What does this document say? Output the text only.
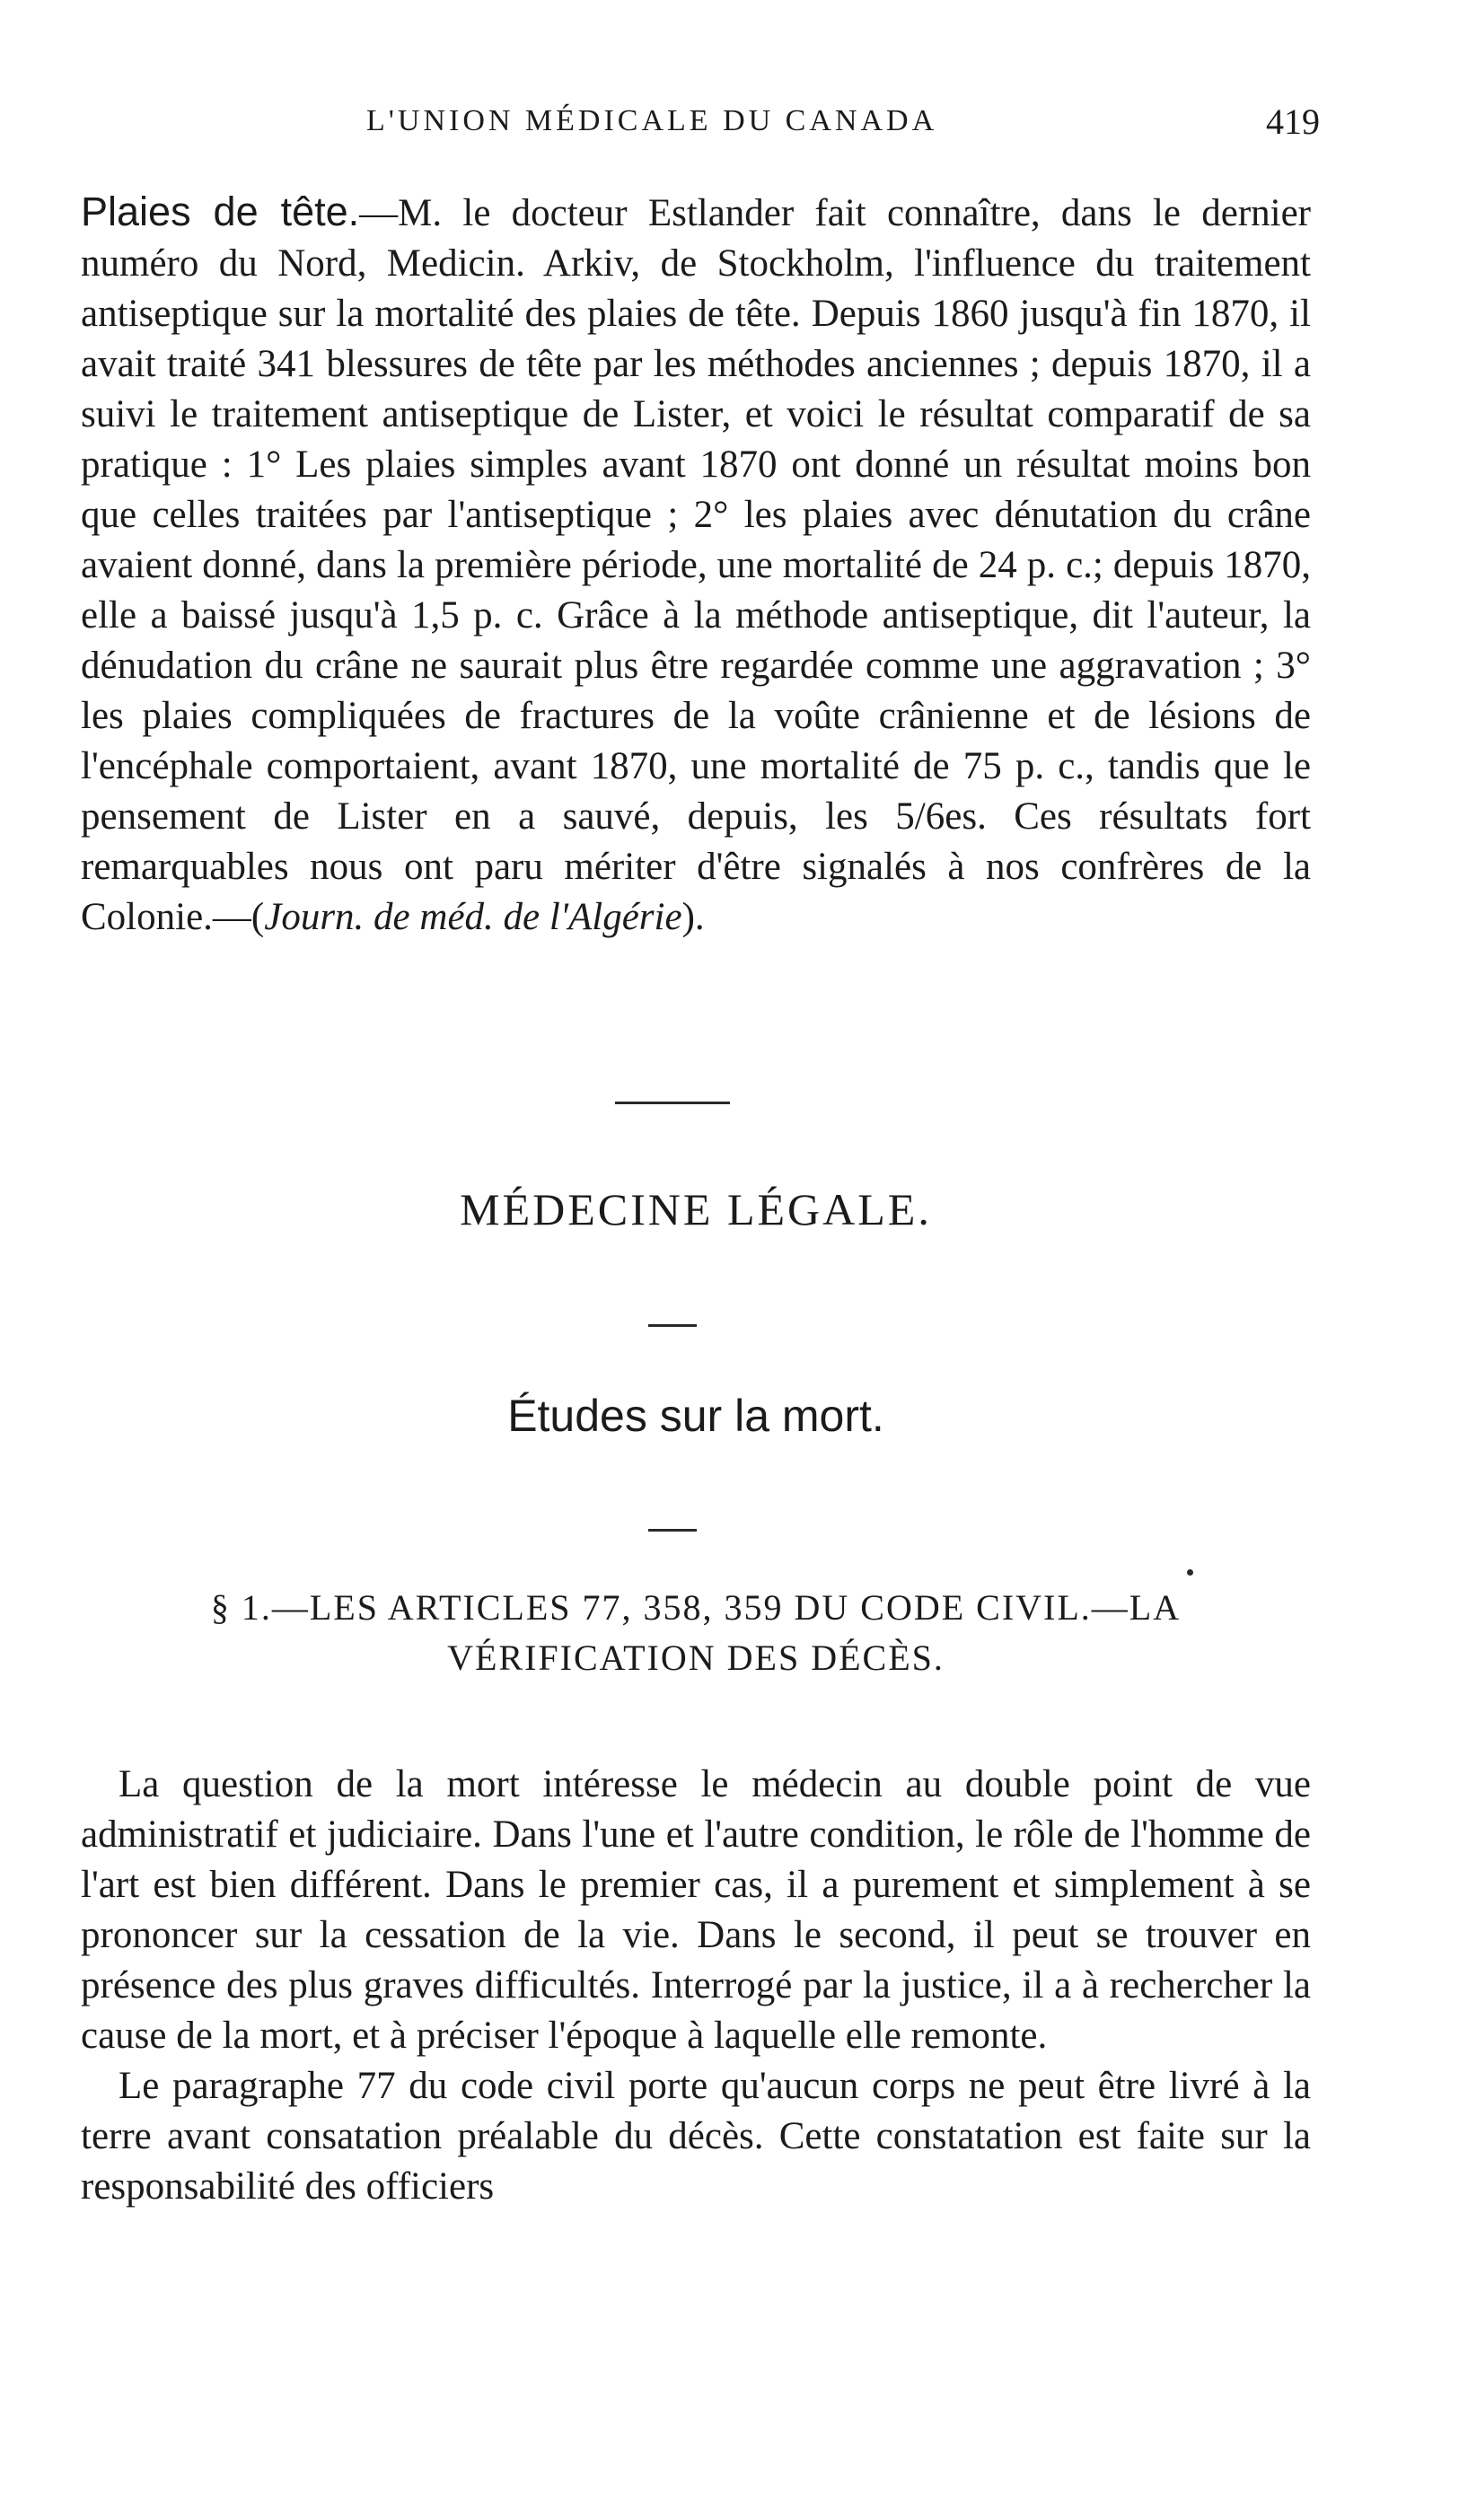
L'UNION MÉDICALE DU CANADA	419

Plaies de tête.—M. le docteur Estlander fait connaître, dans le dernier numéro du Nord, Medicin. Arkiv, de Stockholm, l'influence du traitement antiseptique sur la mortalité des plaies de tête. Depuis 1860 jusqu'à fin 1870, il avait traité 341 blessures de tête par les méthodes anciennes ; depuis 1870, il a suivi le traitement antiseptique de Lister, et voici le résultat comparatif de sa pratique : 1° Les plaies simples avant 1870 ont donné un résultat moins bon que celles traitées par l'antiseptique ; 2° les plaies avec dénutation du crâne avaient donné, dans la première période, une mortalité de 24 p. c.; depuis 1870, elle a baissé jusqu'à 1,5 p. c. Grâce à la méthode antiseptique, dit l'auteur, la dénudation du crâne ne saurait plus être regardée comme une aggravation ; 3° les plaies compliquées de fractures de la voûte crânienne et de lésions de l'encéphale comportaient, avant 1870, une mortalité de 75 p. c., tandis que le pensement de Lister en a sauvé, depuis, les 5/6es. Ces résultats fort remarquables nous ont paru mériter d'être signalés à nos confrères de la Colonie.—(Journ. de méd. de l'Algérie).

MÉDECINE LÉGALE.
Études sur la mort.
§ 1.—LES ARTICLES 77, 358, 359 DU CODE CIVIL.—LA VÉRIFICATION DES DÉCÈS.

La question de la mort intéresse le médecin au double point de vue administratif et judiciaire. Dans l'une et l'autre condition, le rôle de l'homme de l'art est bien différent. Dans le premier cas, il a purement et simplement à se prononcer sur la cessation de la vie. Dans le second, il peut se trouver en présence des plus graves difficultés. Interrogé par la justice, il a à rechercher la cause de la mort, et à préciser l'époque à laquelle elle remonte.

Le paragraphe 77 du code civil porte qu'aucun corps ne peut être livré à la terre avant consatation préalable du décès. Cette constatation est faite sur la responsabilité des officiers
